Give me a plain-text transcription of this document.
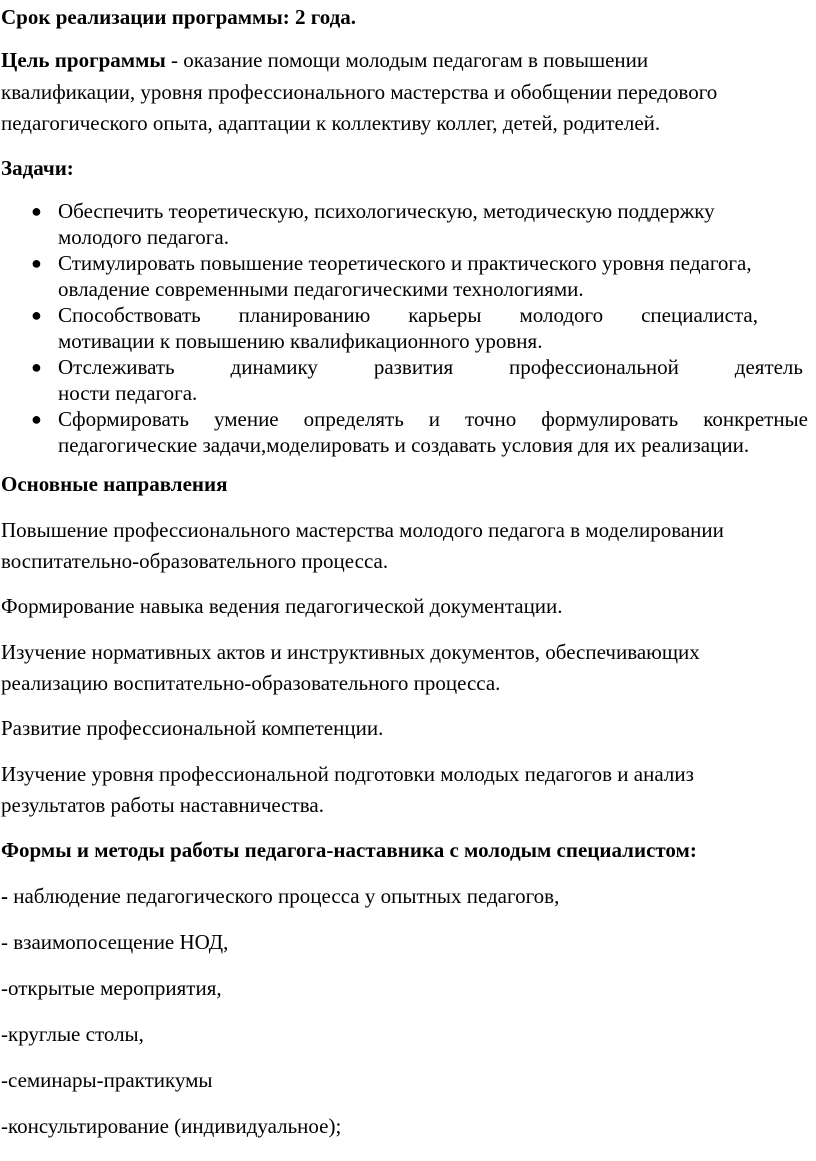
Срок реализации программы: 2 года.
Цель программы - оказание помощи молодым педагогам в повышении
квалификации, уровня профессионального мастерства и обобщении передового
педагогического опыта, адаптации к коллективу коллег, детей, родителей.
Задачи:
● Обеспечить теоретическую, психологическую, методическую поддержку
молодого педагога.
● Стимулировать повышение теоретического и практического уровня педагога,
овладение современными педагогическими технологиями.
● Способствовать планированию карьеры молодого специалиста,
мотивации к повышению квалификационного уровня.
● Отслеживать динамику развития профессиональной деятель
ности педагога.
● Сформировать умение определять и точно формулировать конкретные
педагогические задачи,моделировать и создавать условия для их реализации.
Основные направления
Повышение профессионального мастерства молодого педагога в моделировании
воспитательно-образовательного процесса.
Формирование навыка ведения педагогической документации.
Изучение нормативных актов и инструктивных документов, обеспечивающих
реализацию воспитательно-образовательного процесса.
Развитие профессиональной компетенции.
Изучение уровня профессиональной подготовки молодых педагогов и анализ
результатов работы наставничества.
Формы и методы работы педагога-наставника с молодым специалистом:
- наблюдение педагогического процесса у опытных педагогов,
- взаимопосещение НОД,
-открытые мероприятия,
-круглые столы,
-семинары-практикумы
-консультирование (индивидуальное);
